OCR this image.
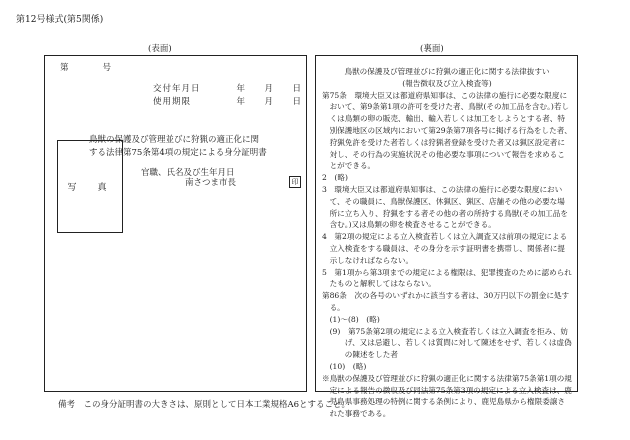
第12号様式(第5関係)
(表面)	(裏面)
第	号
交付年月日	年 月 日
使用期限	年 月 日
鳥獣の保護及び管理並びに狩猟の適正化に関
する法律第75条第4項の規定による身分証明書
官職、氏名及び生年月日
写　真	南さつま市長	印

鳥獣の保護及び管理並びに狩猟の適正化に関する法律抜すい

(報告徴収及び立入検査等)

第75条　環境大臣又は都道府県知事は、この法律の施行に必要な限度において、第9条第1項の許可を受けた者、鳥獣(その加工品を含む。)若しくは鳥類の卵の販売、輸出、輸入若しくは加工をしようとする者、特別保護地区の区域内において第29条第7項各号に掲げる行為をした者、狩猟免許を受けた者若しくは狩猟者登録を受けた者又は猟区設定者に対し、その行為の実施状況その他必要な事項について報告を求めることができる。

2　(略)

3　環境大臣又は都道府県知事は、この法律の施行に必要な限度において、その職員に、鳥獣保護区、休猟区、猟区、店舗その他の必要な場所に立ち入り、狩猟をする者その他の者の所持する鳥獣(その加工品を含む。)又は鳥類の卵を検査させることができる。

4　第2項の規定による立入検査若しくは立入調査又は前項の規定による立入検査をする職員は、その身分を示す証明書を携帯し、関係者に提示しなければならない。

5　第1項から第3項までの規定による権限は、犯罪捜査のために認められたものと解釈してはならない。

第86条　次の各号のいずれかに該当する者は、30万円以下の罰金に処する。

(1)〜(8)　(略)

(9)　第75条第2項の規定による立入検査若しくは立入調査を拒み、妨げ、又は忌避し、若しくは質問に対して陳述をせず、若しくは虚偽の陳述をした者

(10)　(略)

※鳥獣の保護及び管理並びに狩猟の適正化に関する法律第75条第1項の規定による報告の徴収及び同法第75条第3項の規定による立入検査は、鹿児島県事務処理の特例に関する条例により、鹿児島県から権限委譲された事務である。

備考　この身分証明書の大きさは、原則として日本工業規格A6とすること。
